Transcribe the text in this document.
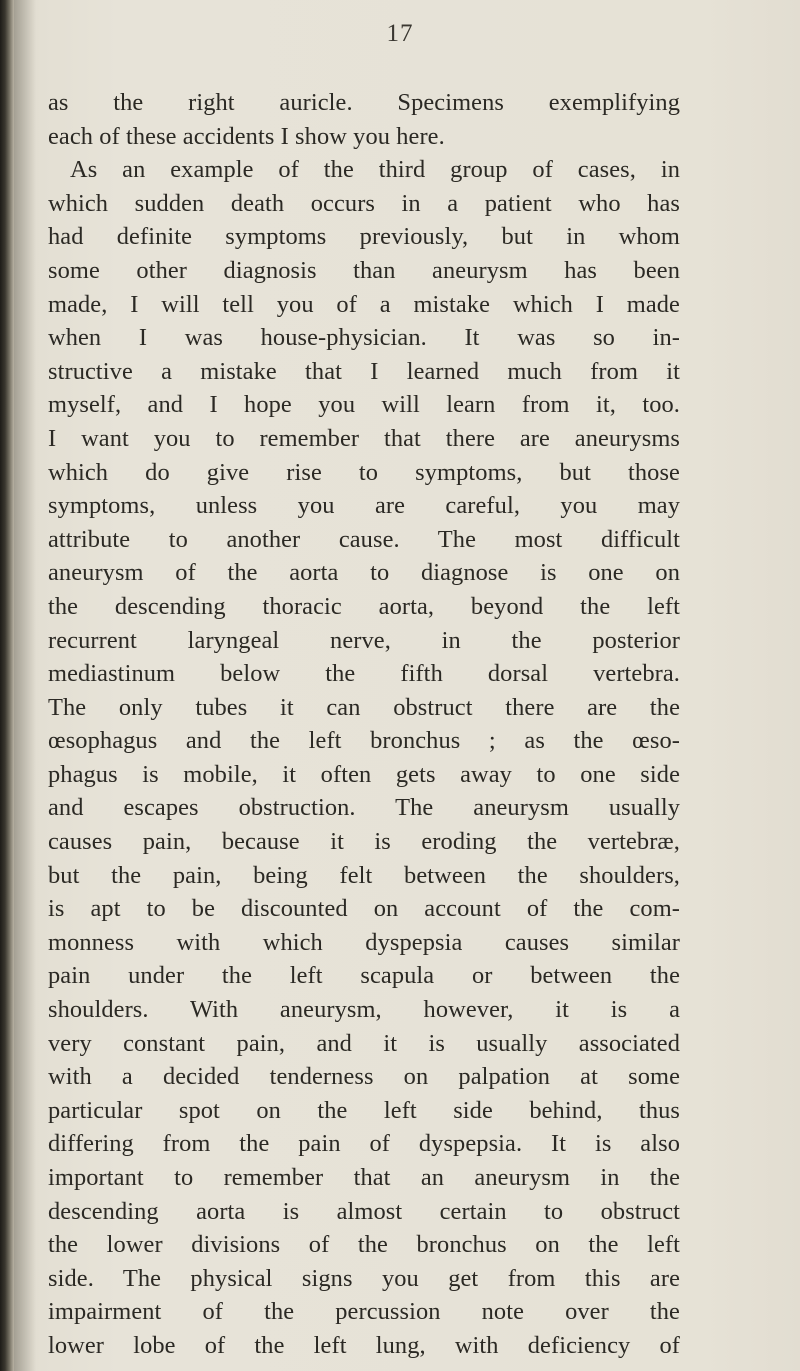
17
as the right auricle. Specimens exemplifying
each of these accidents I show you here.
As an example of the third group of cases, in
which sudden death occurs in a patient who has
had definite symptoms previously, but in whom
some other diagnosis than aneurysm has been
made, I will tell you of a mistake which I made
when I was house-physician. It was so in-
structive a mistake that I learned much from it
myself, and I hope you will learn from it, too.
I want you to remember that there are aneurysms
which do give rise to symptoms, but those
symptoms, unless you are careful, you may
attribute to another cause. The most difficult
aneurysm of the aorta to diagnose is one on
the descending thoracic aorta, beyond the left
recurrent laryngeal nerve, in the posterior
mediastinum below the fifth dorsal vertebra.
The only tubes it can obstruct there are the
œsophagus and the left bronchus ; as the œso-
phagus is mobile, it often gets away to one side
and escapes obstruction. The aneurysm usually
causes pain, because it is eroding the vertebræ,
but the pain, being felt between the shoulders,
is apt to be discounted on account of the com-
monness with which dyspepsia causes similar
pain under the left scapula or between the
shoulders. With aneurysm, however, it is a
very constant pain, and it is usually associated
with a decided tenderness on palpation at some
particular spot on the left side behind, thus
differing from the pain of dyspepsia. It is also
important to remember that an aneurysm in the
descending aorta is almost certain to obstruct
the lower divisions of the bronchus on the left
side. The physical signs you get from this are
impairment of the percussion note over the
lower lobe of the left lung, with deficiency of
